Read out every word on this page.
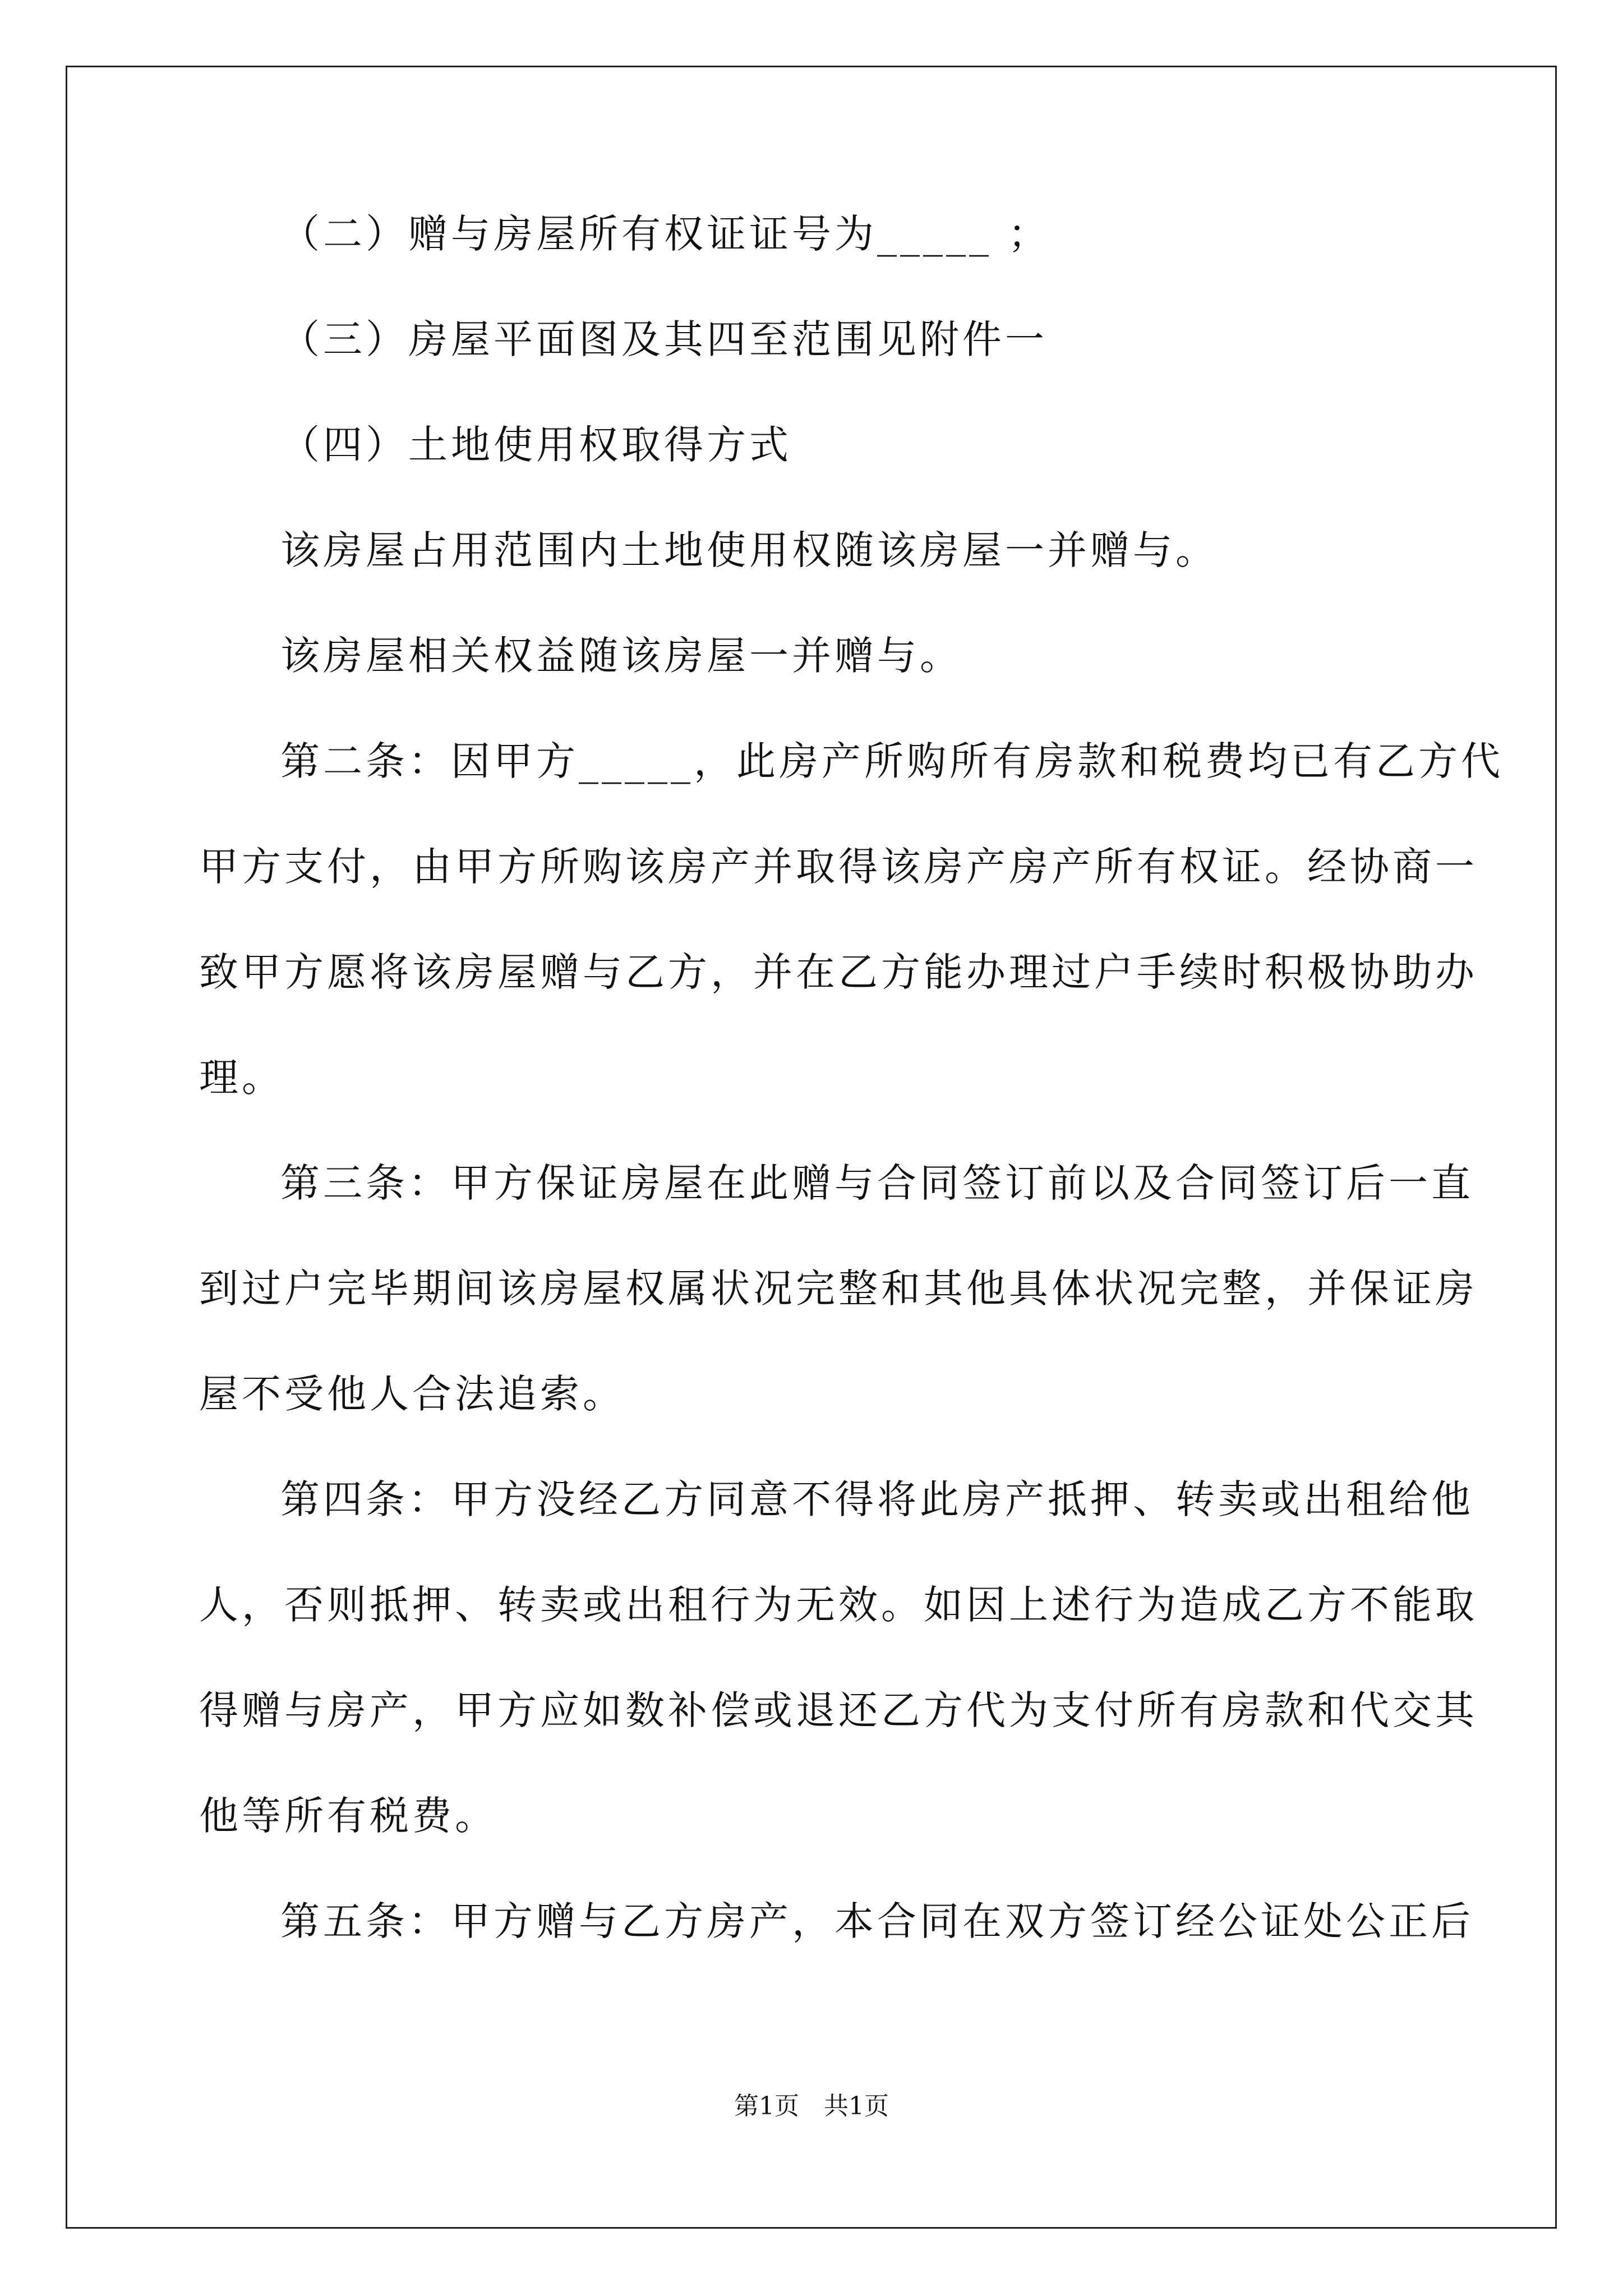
（二）赠与房屋所有权证证号为_____ ；

（三）房屋平面图及其四至范围见附件一

（四）土地使用权取得方式

该房屋占用范围内土地使用权随该房屋一并赠与。

该房屋相关权益随该房屋一并赠与。

第二条：因甲方_____，此房产所购所有房款和税费均已有乙方代

甲方支付，由甲方所购该房产并取得该房产房产所有权证。经协商一

致甲方愿将该房屋赠与乙方，并在乙方能办理过户手续时积极协助办

理。

第三条：甲方保证房屋在此赠与合同签订前以及合同签订后一直

到过户完毕期间该房屋权属状况完整和其他具体状况完整，并保证房

屋不受他人合法追索。

第四条：甲方没经乙方同意不得将此房产抵押、转卖或出租给他

人，否则抵押、转卖或出租行为无效。如因上述行为造成乙方不能取

得赠与房产，甲方应如数补偿或退还乙方代为支付所有房款和代交其

他等所有税费。

第五条：甲方赠与乙方房产，本合同在双方签订经公证处公正后

第1页　共1页
